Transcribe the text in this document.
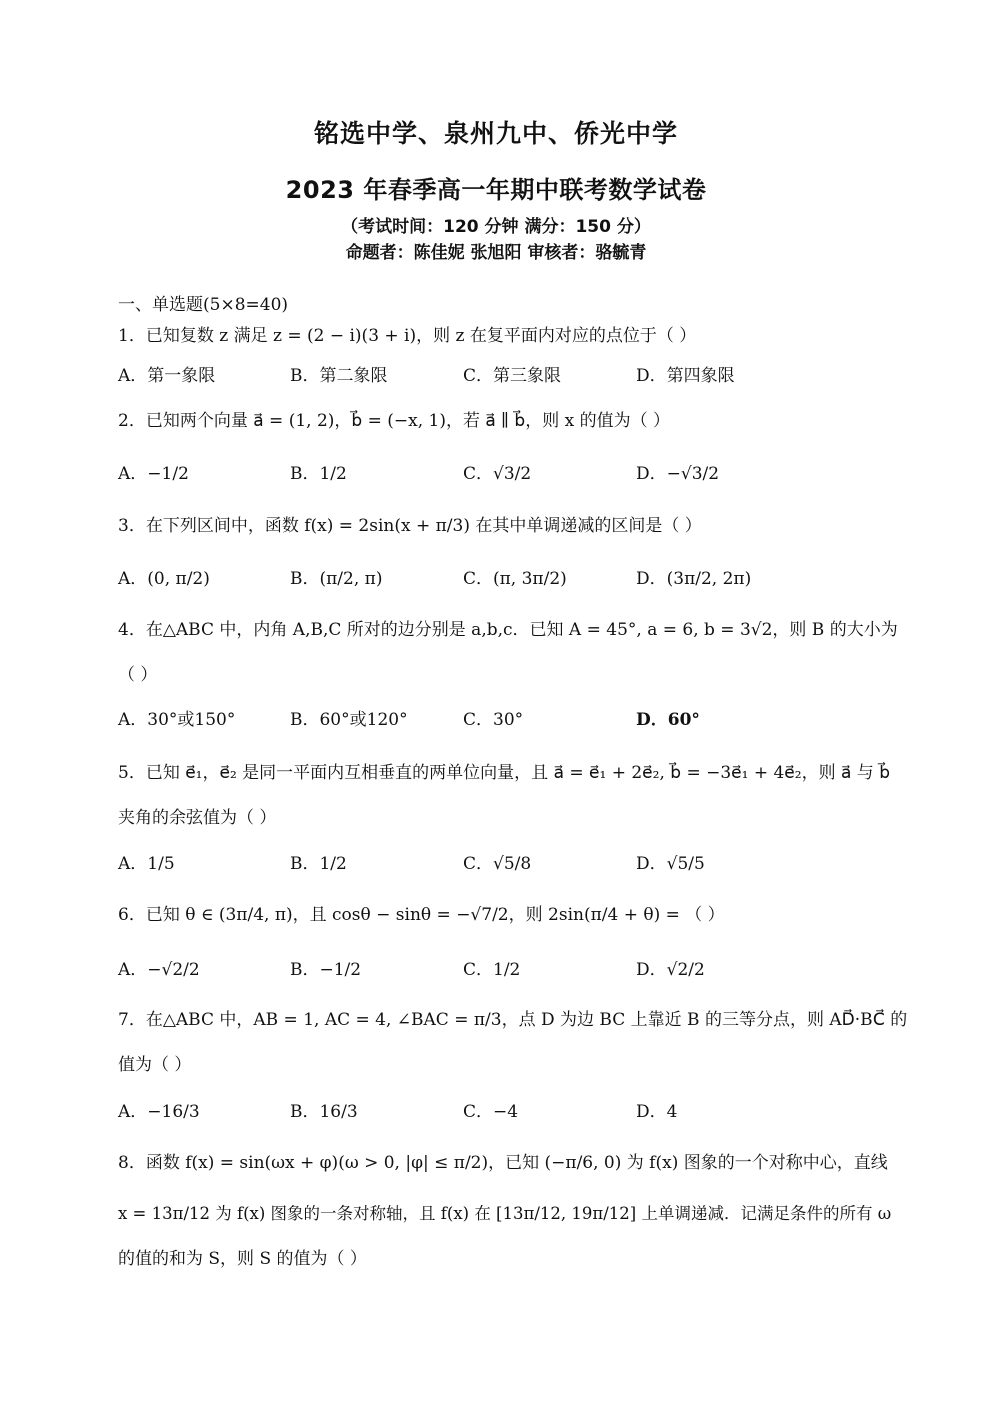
铭选中学、泉州九中、侨光中学
2023 年春季高一年期中联考数学试卷
（考试时间：120 分钟 满分：150 分）
命题者：陈佳妮 张旭阳 审核者：骆毓青
一、单选题(5×8=40)
1．已知复数 z 满足 z = (2 − i)(3 + i)，则 z 在复平面内对应的点位于（ ）
A．第一象限	B．第二象限	C．第三象限	D．第四象限
2．已知两个向量 a⃗ = (1, 2)，b⃗ = (−x, 1)，若 a⃗ ∥ b⃗，则 x 的值为（ ）
A．−1/2	B．1/2	C．√3/2	D．−√3/2
3．在下列区间中，函数 f(x) = 2sin(x + π/3) 在其中单调递减的区间是（ ）
A．(0, π/2)	B．(π/2, π)	C．(π, 3π/2)	D．(3π/2, 2π)
4．在△ABC 中，内角 A,B,C 所对的边分别是 a,b,c．已知 A = 45°, a = 6, b = 3√2，则 B 的大小为
（ ）
A．30°或150°	B．60°或120°	C．30°	D．60°
5．已知 e⃗₁，e⃗₂ 是同一平面内互相垂直的两单位向量，且 a⃗ = e⃗₁ + 2e⃗₂, b⃗ = −3e⃗₁ + 4e⃗₂，则 a⃗ 与 b⃗
夹角的余弦值为（ ）
A．1/5	B．1/2	C．√5/8	D．√5/5
6．已知 θ ∈ (3π/4, π)，且 cosθ − sinθ = −√7/2，则 2sin(π/4 + θ) = （ ）
A．−√2/2	B．−1/2	C．1/2	D．√2/2
7．在△ABC 中，AB = 1, AC = 4, ∠BAC = π/3，点 D 为边 BC 上靠近 B 的三等分点，则 AD⃗·BC⃗ 的
值为（ ）
A．−16/3	B．16/3	C．−4	D．4
8．函数 f(x) = sin(ωx + φ)(ω > 0, |φ| ≤ π/2)，已知 (−π/6, 0) 为 f(x) 图象的一个对称中心，直线
x = 13π/12 为 f(x) 图象的一条对称轴，且 f(x) 在 [13π/12, 19π/12] 上单调递减．记满足条件的所有 ω
的值的和为 S，则 S 的值为（ ）
